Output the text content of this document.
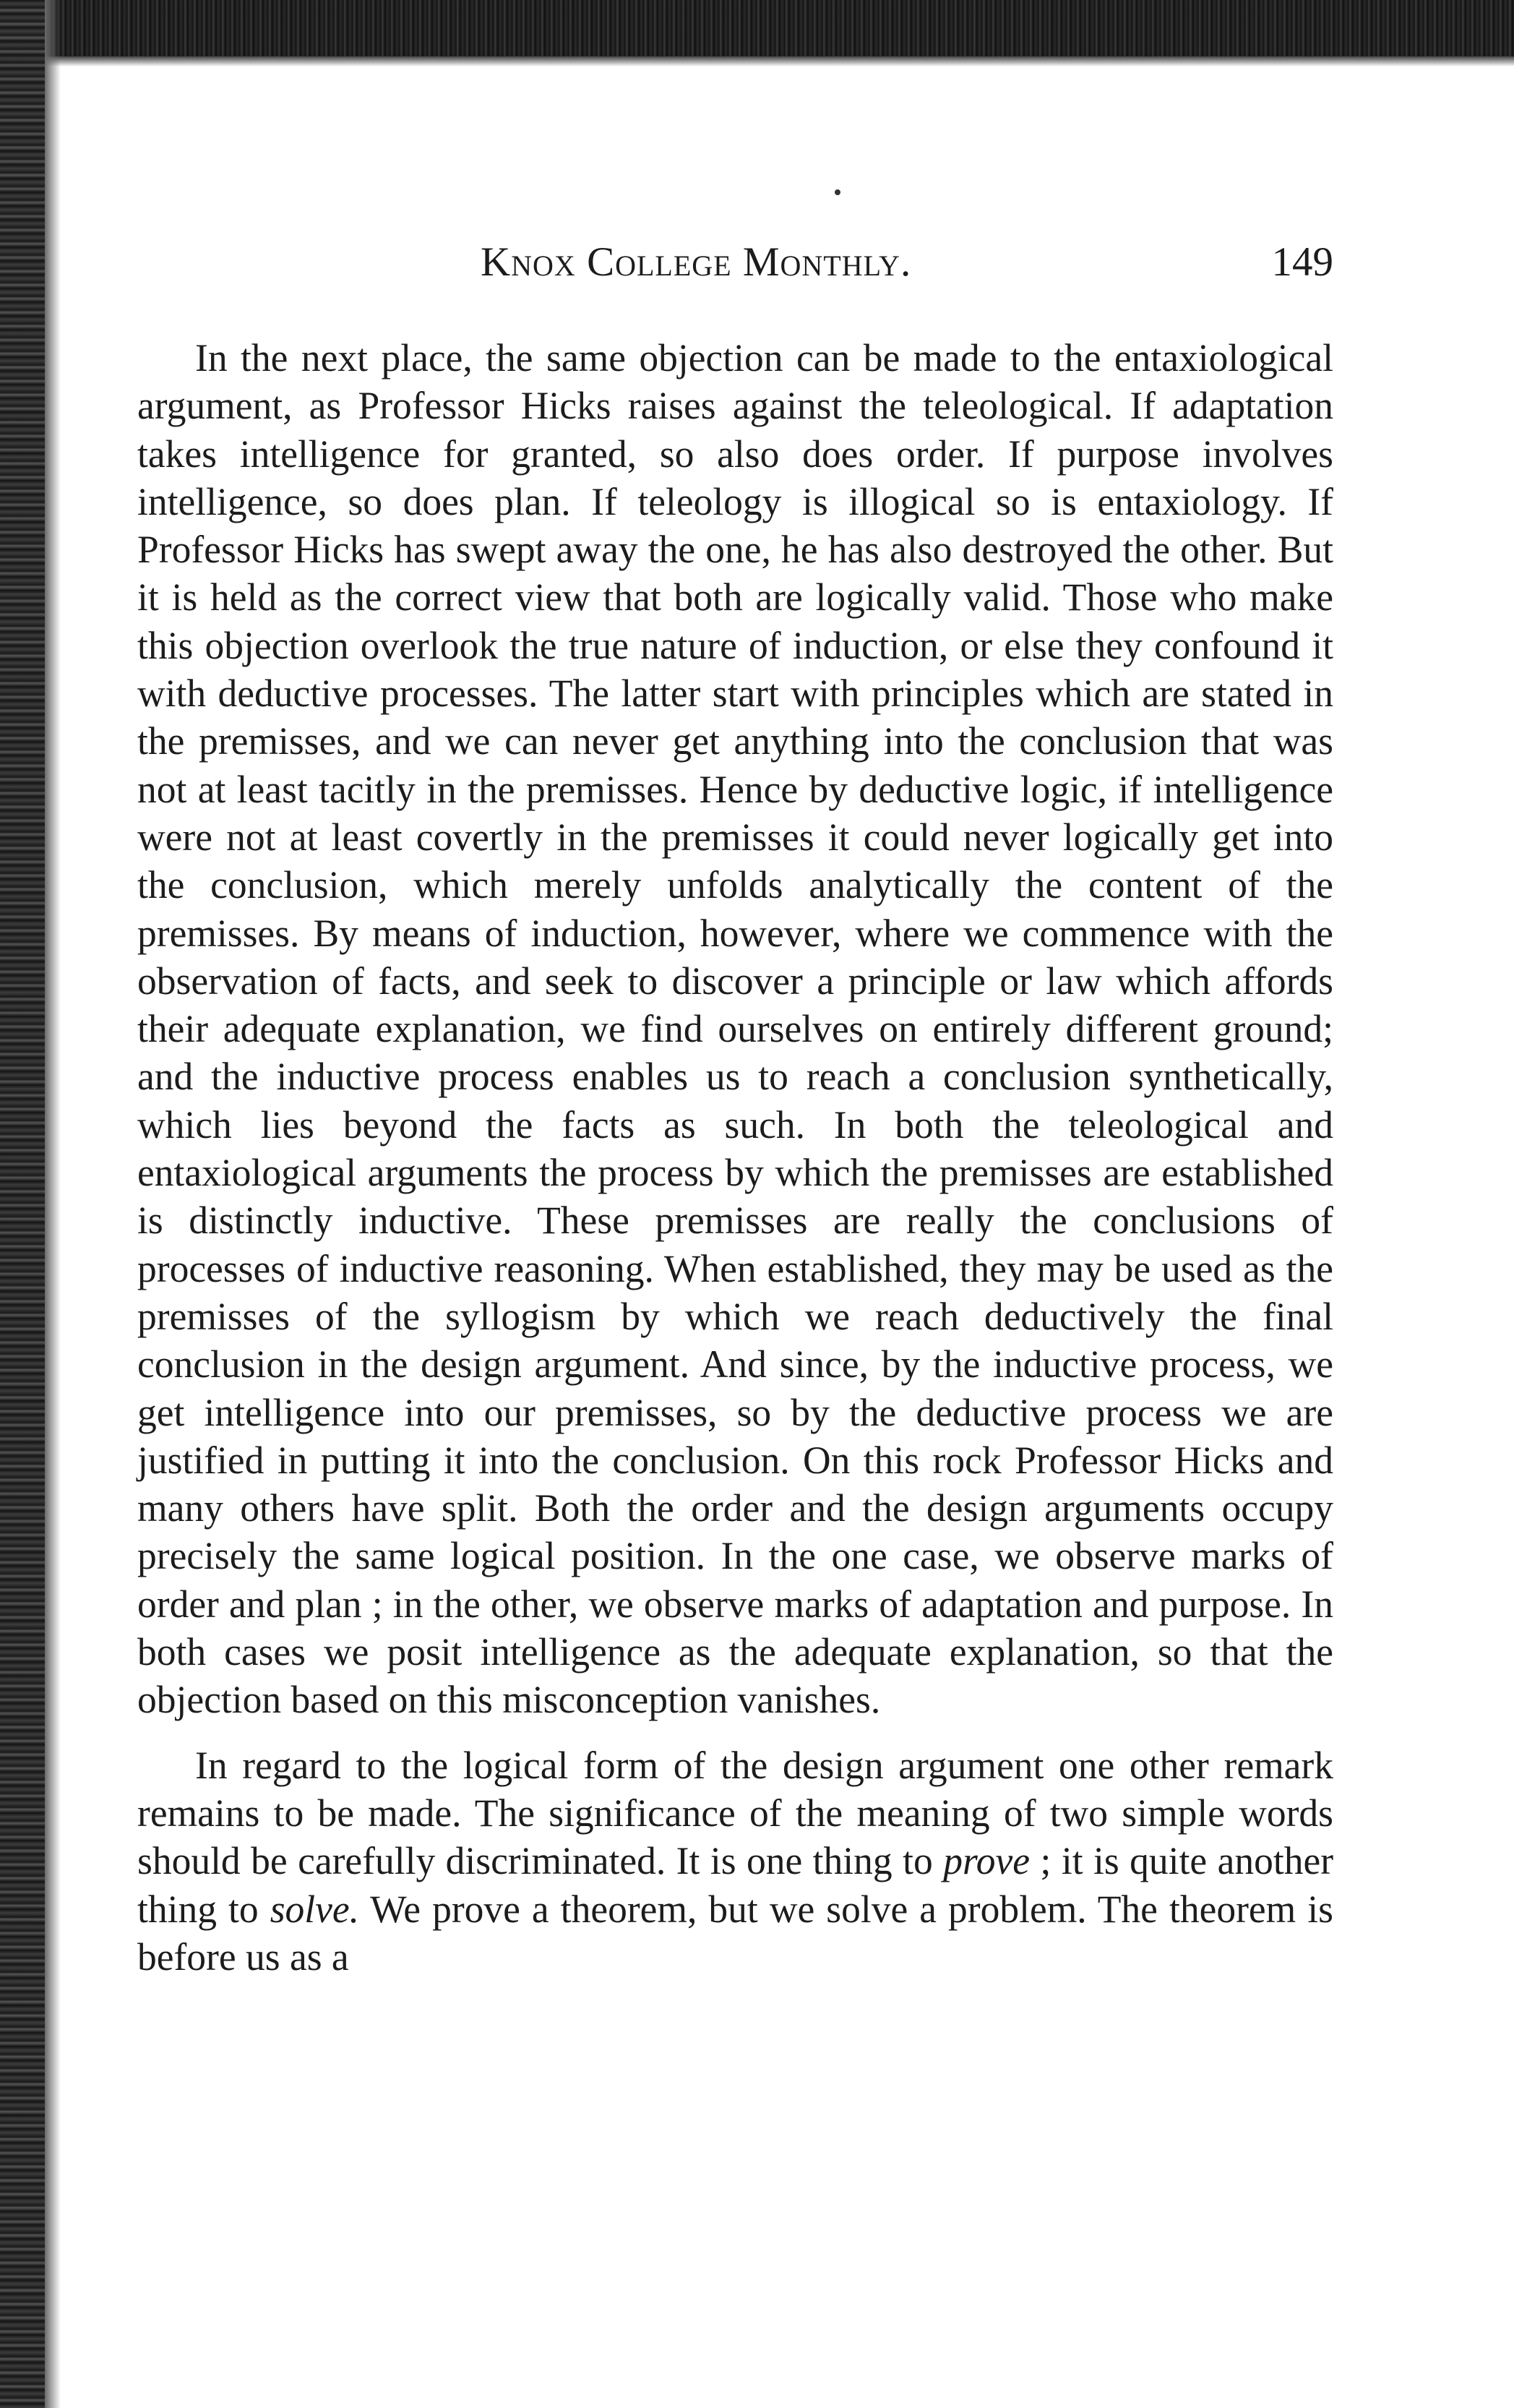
Knox College Monthly.	149

In the next place, the same objection can be made to the entaxiological argument, as Professor Hicks raises against the teleological. If adaptation takes intelligence for granted, so also does order. If purpose involves intelligence, so does plan. If teleology is illogical so is entaxiology. If Professor Hicks has swept away the one, he has also destroyed the other. But it is held as the correct view that both are logically valid. Those who make this objection overlook the true nature of induction, or else they confound it with deductive processes. The latter start with principles which are stated in the premisses, and we can never get anything into the conclusion that was not at least tacitly in the premisses. Hence by deductive logic, if intelligence were not at least covertly in the premisses it could never logically get into the conclusion, which merely unfolds analytically the content of the premisses. By means of induction, however, where we commence with the observation of facts, and seek to discover a principle or law which affords their adequate explanation, we find ourselves on entirely different ground; and the inductive process enables us to reach a conclusion synthetically, which lies beyond the facts as such. In both the teleological and entaxiological arguments the process by which the premisses are established is distinctly inductive. These premisses are really the conclusions of processes of inductive reasoning. When established, they may be used as the premisses of the syllogism by which we reach deductively the final conclusion in the design argument. And since, by the inductive process, we get intelligence into our premisses, so by the deductive process we are justified in putting it into the conclusion. On this rock Professor Hicks and many others have split. Both the order and the design arguments occupy precisely the same logical position. In the one case, we observe marks of order and plan ; in the other, we observe marks of adaptation and purpose. In both cases we posit intelligence as the adequate explanation, so that the objection based on this misconception vanishes.

In regard to the logical form of the design argument one other remark remains to be made. The significance of the meaning of two simple words should be carefully discriminated. It is one thing to prove ; it is quite another thing to solve. We prove a theorem, but we solve a problem. The theorem is before us as a
